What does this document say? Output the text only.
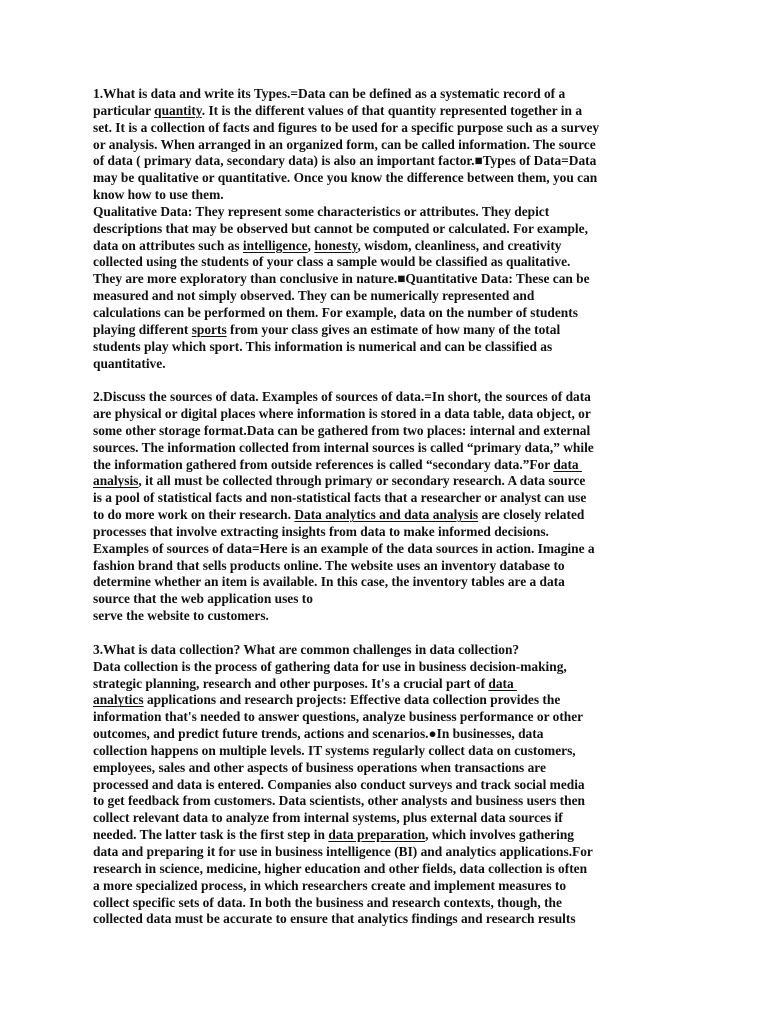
1.What is data and write its Types.=Data can be defined as a systematic record of a
particular quantity. It is the different values of that quantity represented together in a
set. It is a collection of facts and figures to be used for a specific purpose such as a survey
or analysis. When arranged in an organized form, can be called information. The source
of data ( primary data, secondary data) is also an important factor.■Types of Data=Data
may be qualitative or quantitative. Once you know the difference between them, you can
know how to use them.
Qualitative Data: They represent some characteristics or attributes. They depict
descriptions that may be observed but cannot be computed or calculated. For example,
data on attributes such as intelligence, honesty, wisdom, cleanliness, and creativity
collected using the students of your class a sample would be classified as qualitative.
They are more exploratory than conclusive in nature.■Quantitative Data: These can be
measured and not simply observed. They can be numerically represented and
calculations can be performed on them. For example, data on the number of students
playing different sports from your class gives an estimate of how many of the total
students play which sport. This information is numerical and can be classified as
quantitative.
2.Discuss the sources of data. Examples of sources of data.=In short, the sources of data
are physical or digital places where information is stored in a data table, data object, or
some other storage format.Data can be gathered from two places: internal and external
sources. The information collected from internal sources is called “primary data,” while
the information gathered from outside references is called “secondary data.”For data
analysis, it all must be collected through primary or secondary research. A data source
is a pool of statistical facts and non-statistical facts that a researcher or analyst can use
to do more work on their research. Data analytics and data analysis are closely related
processes that involve extracting insights from data to make informed decisions.
Examples of sources of data=Here is an example of the data sources in action. Imagine a
fashion brand that sells products online. The website uses an inventory database to
determine whether an item is available. In this case, the inventory tables are a data
source that the web application uses to
serve the website to customers.
3.What is data collection? What are common challenges in data collection?
Data collection is the process of gathering data for use in business decision-making,
strategic planning, research and other purposes. It's a crucial part of data
analytics applications and research projects: Effective data collection provides the
information that's needed to answer questions, analyze business performance or other
outcomes, and predict future trends, actions and scenarios.●In businesses, data
collection happens on multiple levels. IT systems regularly collect data on customers,
employees, sales and other aspects of business operations when transactions are
processed and data is entered. Companies also conduct surveys and track social media
to get feedback from customers. Data scientists, other analysts and business users then
collect relevant data to analyze from internal systems, plus external data sources if
needed. The latter task is the first step in data preparation, which involves gathering
data and preparing it for use in business intelligence (BI) and analytics applications.For
research in science, medicine, higher education and other fields, data collection is often
a more specialized process, in which researchers create and implement measures to
collect specific sets of data. In both the business and research contexts, though, the
collected data must be accurate to ensure that analytics findings and research results
